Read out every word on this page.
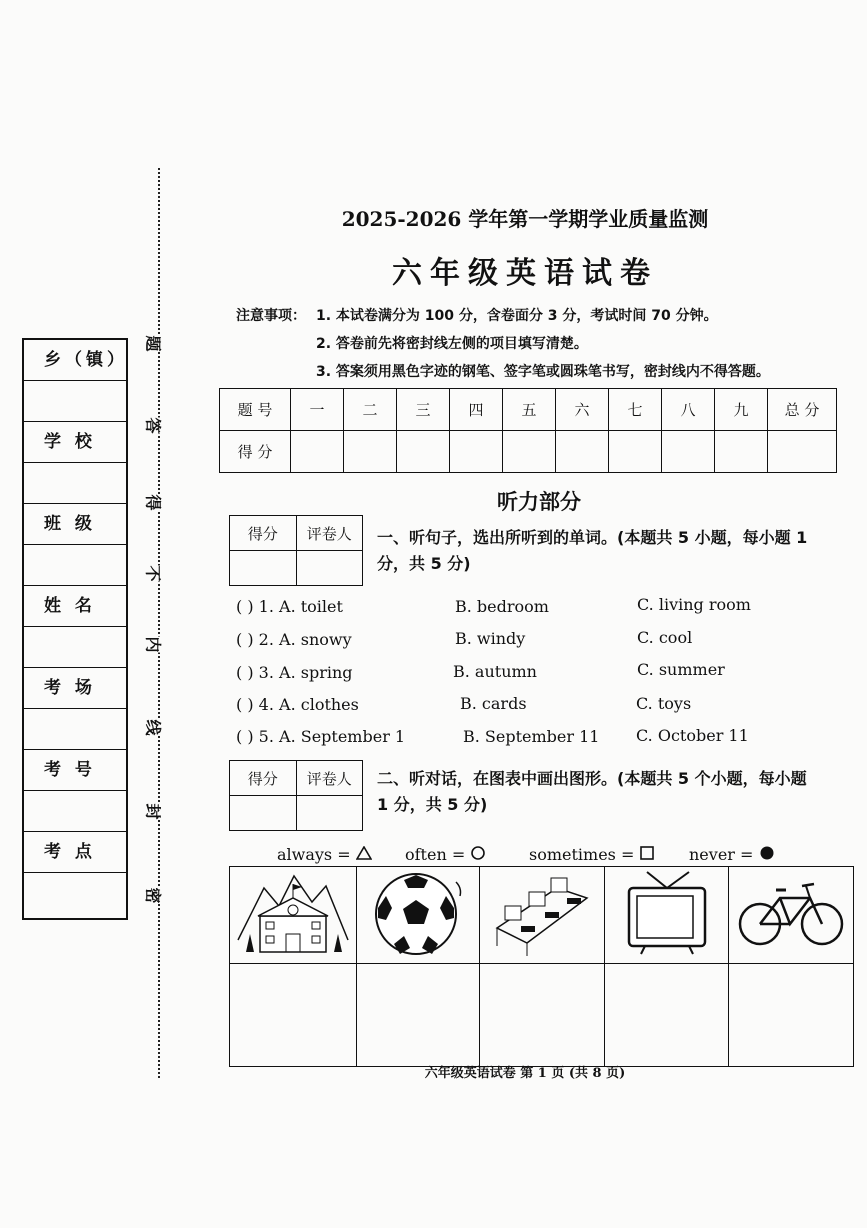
乡（镇）
学 校
班 级
姓 名
考 场
考 号
考 点
题
答
得
不
内
线
封
密
2025-2026 学年第一学期学业质量监测
六年级英语试卷
注意事项： 1. 本试卷满分为 100 分，含卷面分 3 分，考试时间 70 分钟。
2. 答卷前先将密封线左侧的项目填写清楚。
3. 答案须用黑色字迹的钢笔、签字笔或圆珠笔书写，密封线内不得答题。
题 号	一	二	三	四	五	六	七	八	九	总 分
得 分										
听力部分
得分	评卷人
	一、听句子，选出所听到的单词。(本题共 5 小题，每小题 1 分，共 5 分)
( ) 1. A. toilet	B. bedroom	C. living room
( ) 2. A. snowy	B. windy	C. cool
( ) 3. A. spring	B. autumn	C. summer
( ) 4. A. clothes	B. cards	C. toys
( ) 5. A. September 1	B. September 11 C. October 11
得分	评卷人
	二、听对话，在图表中画出图形。(本题共 5 个小题，每小题 1 分，共 5 分)
always =	often =	sometimes =	never =

六年级英语试卷 第 1 页 (共 8 页)
